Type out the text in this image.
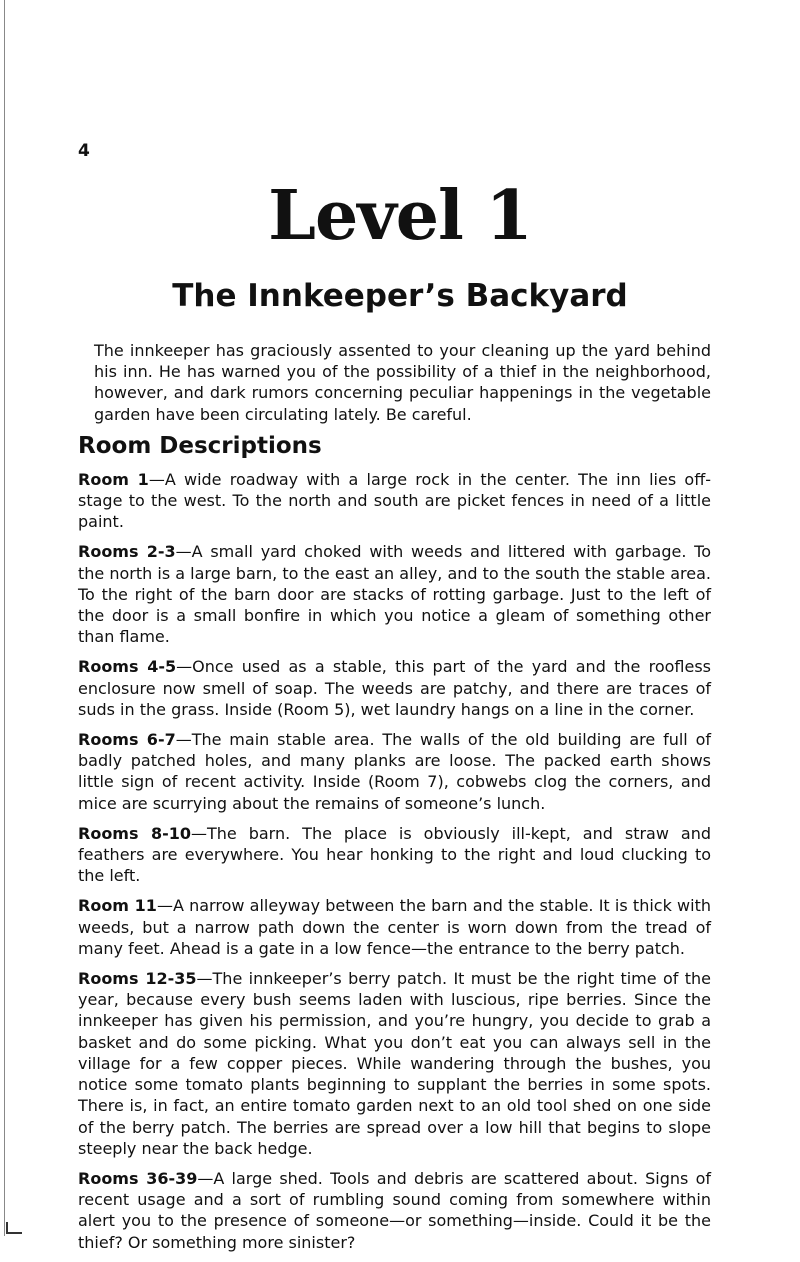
4
Level 1
The Innkeeper’s Backyard

The innkeeper has graciously assented to your cleaning up the yard behind his inn. He has warned you of the possibility of a thief in the neighborhood, however, and dark rumors concerning peculiar happenings in the vegetable garden have been circulating lately. Be careful.

Room Descriptions

Room 1—A wide roadway with a large rock in the center. The inn lies off-stage to the west. To the north and south are picket fences in need of a little paint.

Rooms 2-3—A small yard choked with weeds and littered with garbage. To the north is a large barn, to the east an alley, and to the south the stable area. To the right of the barn door are stacks of rotting garbage. Just to the left of the door is a small bonfire in which you notice a gleam of something other than flame.

Rooms 4-5—Once used as a stable, this part of the yard and the roofless enclosure now smell of soap. The weeds are patchy, and there are traces of suds in the grass. Inside (Room 5), wet laundry hangs on a line in the corner.

Rooms 6-7—The main stable area. The walls of the old building are full of badly patched holes, and many planks are loose. The packed earth shows little sign of recent activity. Inside (Room 7), cobwebs clog the corners, and mice are scurrying about the remains of someone’s lunch.

Rooms 8-10—The barn. The place is obviously ill-kept, and straw and feathers are everywhere. You hear honking to the right and loud clucking to the left.

Room 11—A narrow alleyway between the barn and the stable. It is thick with weeds, but a narrow path down the center is worn down from the tread of many feet. Ahead is a gate in a low fence—the entrance to the berry patch.

Rooms 12-35—The innkeeper’s berry patch. It must be the right time of the year, because every bush seems laden with luscious, ripe berries. Since the innkeeper has given his permission, and you’re hungry, you decide to grab a basket and do some picking. What you don’t eat you can always sell in the village for a few copper pieces. While wandering through the bushes, you notice some tomato plants beginning to supplant the berries in some spots. There is, in fact, an entire tomato garden next to an old tool shed on one side of the berry patch. The berries are spread over a low hill that begins to slope steeply near the back hedge.

Rooms 36-39—A large shed. Tools and debris are scattered about. Signs of recent usage and a sort of rumbling sound coming from somewhere within alert you to the presence of someone—or something—inside. Could it be the thief? Or something more sinister?
